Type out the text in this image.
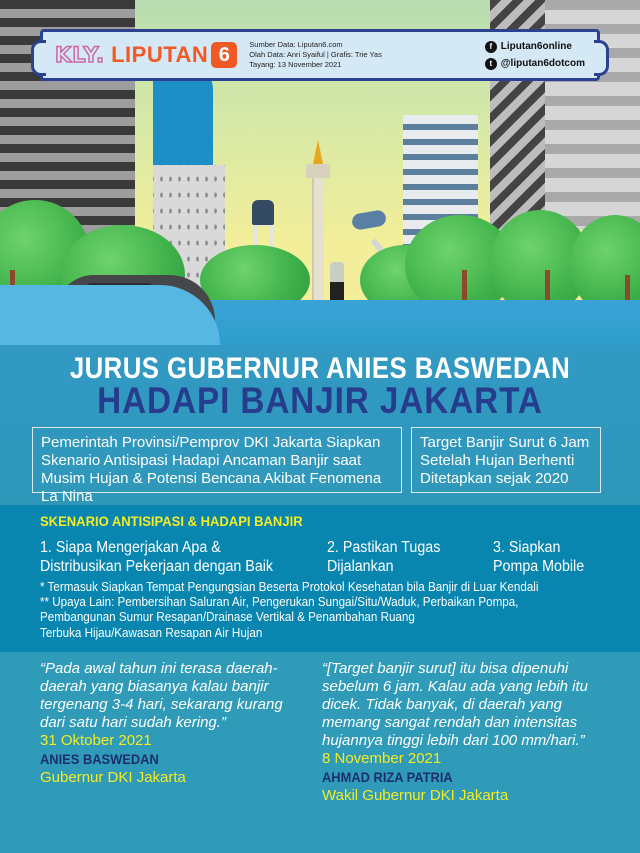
KLY. LIPUTAN 6	Sumber Data: Liputan6.com
Olah Data: Anri Syaiful | Grafis: Trie Yas
Tayang: 13 November 2021
f Liputan6online
t @liputan6dotcom
JURUS GUBERNUR ANIES BASWEDAN
HADAPI BANJIR JAKARTA
Pemerintah Provinsi/Pemprov DKI Jakarta Siapkan Skenario Antisipasi Hadapi Ancaman Banjir saat Musim Hujan & Potensi Bencana Akibat Fenomena La Nina
Target Banjir Surut 6 Jam Setelah Hujan Berhenti Ditetapkan sejak 2020
SKENARIO ANTISIPASI & HADAPI BANJIR
1. Siapa Mengerjakan Apa &
Distribusikan Pekerjaan dengan Baik
2. Pastikan Tugas
Dijalankan
3. Siapkan
Pompa Mobile
* Termasuk Siapkan Tempat Pengungsian Beserta Protokol Kesehatan bila Banjir di Luar Kendali
** Upaya Lain: Pembersihan Saluran Air, Pengerukan Sungai/Situ/Waduk, Perbaikan Pompa,
Pembangunan Sumur Resapan/Drainase Vertikal & Penambahan Ruang
Terbuka Hijau/Kawasan Resapan Air Hujan
“Pada awal tahun ini terasa daerah-daerah yang biasanya kalau banjir tergenang 3-4 hari, sekarang kurang dari satu hari sudah kering.”
31 Oktober 2021
ANIES BASWEDAN
Gubernur DKI Jakarta
“[Target banjir surut] itu bisa dipenuhi sebelum 6 jam. Kalau ada yang lebih itu dicek. Tidak banyak, di daerah yang memang sangat rendah dan intensitas hujannya tinggi lebih dari 100 mm/hari.”
8 November 2021
AHMAD RIZA PATRIA
Wakil Gubernur DKI Jakarta
